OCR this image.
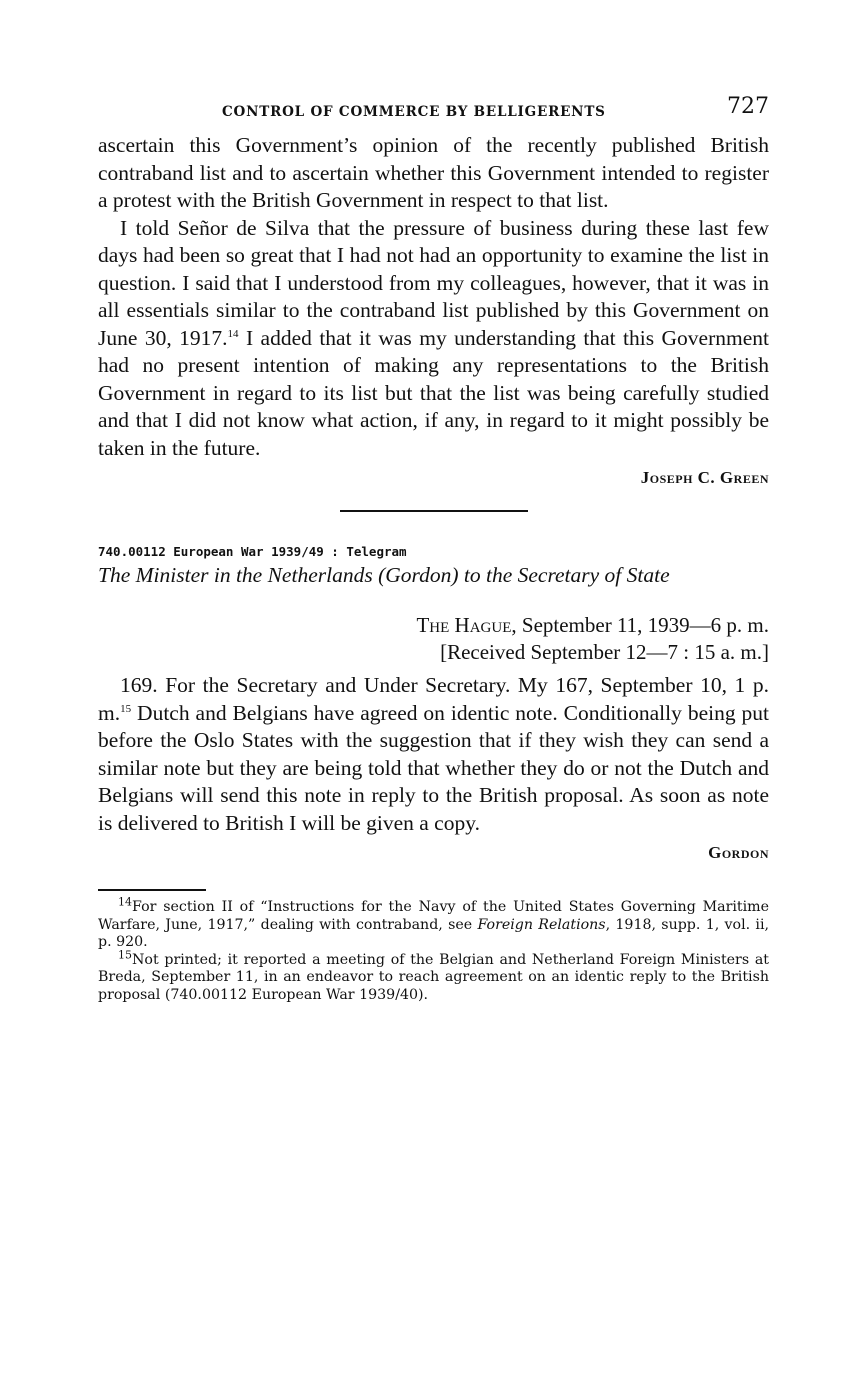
CONTROL OF COMMERCE BY BELLIGERENTS	727

ascertain this Government’s opinion of the recently published British contraband list and to ascertain whether this Government intended to register a protest with the British Government in respect to that list.

I told Señor de Silva that the pressure of business during these last few days had been so great that I had not had an opportunity to examine the list in question. I said that I understood from my colleagues, however, that it was in all essentials similar to the contraband list published by this Government on June 30, 1917.14 I added that it was my understanding that this Government had no present intention of making any representations to the British Government in regard to its list but that the list was being carefully studied and that I did not know what action, if any, in regard to it might possibly be taken in the future.

Joseph C. Green
740.00112 European War 1939/49 : Telegram
The Minister in the Netherlands (Gordon) to the Secretary of State
The Hague, September 11, 1939—6 p. m.
[Received September 12—7 : 15 a. m.]

169. For the Secretary and Under Secretary. My 167, September 10, 1 p. m.$^{15}$ Dutch and Belgians have agreed on identic note. Conditionally being put before the Oslo States with the suggestion that if they wish they can send a similar note but they are being told that whether they do or not the Dutch and Belgians will send this note in reply to the British proposal. As soon as note is delivered to British I will be given a copy.

Gordon

$^{14}$For section II of “Instructions for the Navy of the United States Governing Maritime Warfare, June, 1917,” dealing with contraband, see Foreign Relations, 1918, supp. 1, vol. ii, p. 920.

$^{15}$Not printed; it reported a meeting of the Belgian and Netherland Foreign Ministers at Breda, September 11, in an endeavor to reach agreement on an identic reply to the British proposal (740.00112 European War 1939/40).
